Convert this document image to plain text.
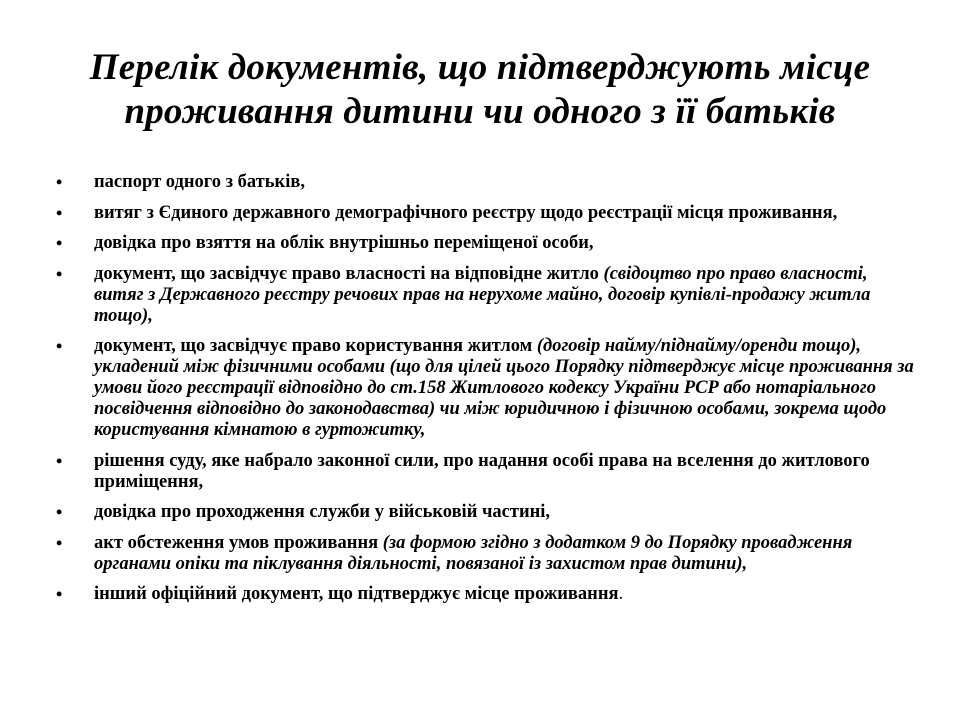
Перелік документів, що підтверджують місце
проживання дитини чи одного з її батьків
• паспорт одного з батьків,
• витяг з Єдиного державного демографічного реєстру щодо реєстрації місця проживання,
• довідка про взяття на облік внутрішньо переміщеної особи,
• документ, що засвідчує право власності на відповідне житло (свідоцтво про право власності, витяг з Державного реєстру речових прав на нерухоме майно, договір купівлі-продажу житла тощо),
• документ, що засвідчує право користування житлом (договір найму/піднайму/оренди тощо), укладений між фізичними особами (що для цілей цього Порядку підтверджує місце проживання за умови його реєстрації відповідно до ст.158 Житлового кодексу України РСР або нотаріального посвідчення відповідно до законодавства) чи між юридичною і фізичною особами, зокрема щодо користування кімнатою в гуртожитку,
• рішення суду, яке набрало законної сили, про надання особі права на вселення до житлового приміщення,
• довідка про проходження служби у військовій частині,
• акт обстеження умов проживання (за формою згідно з додатком 9 до Порядку провадження органами опіки та піклування діяльності, повязаної із захистом прав дитини),
• інший офіційний документ, що підтверджує місце проживання.
